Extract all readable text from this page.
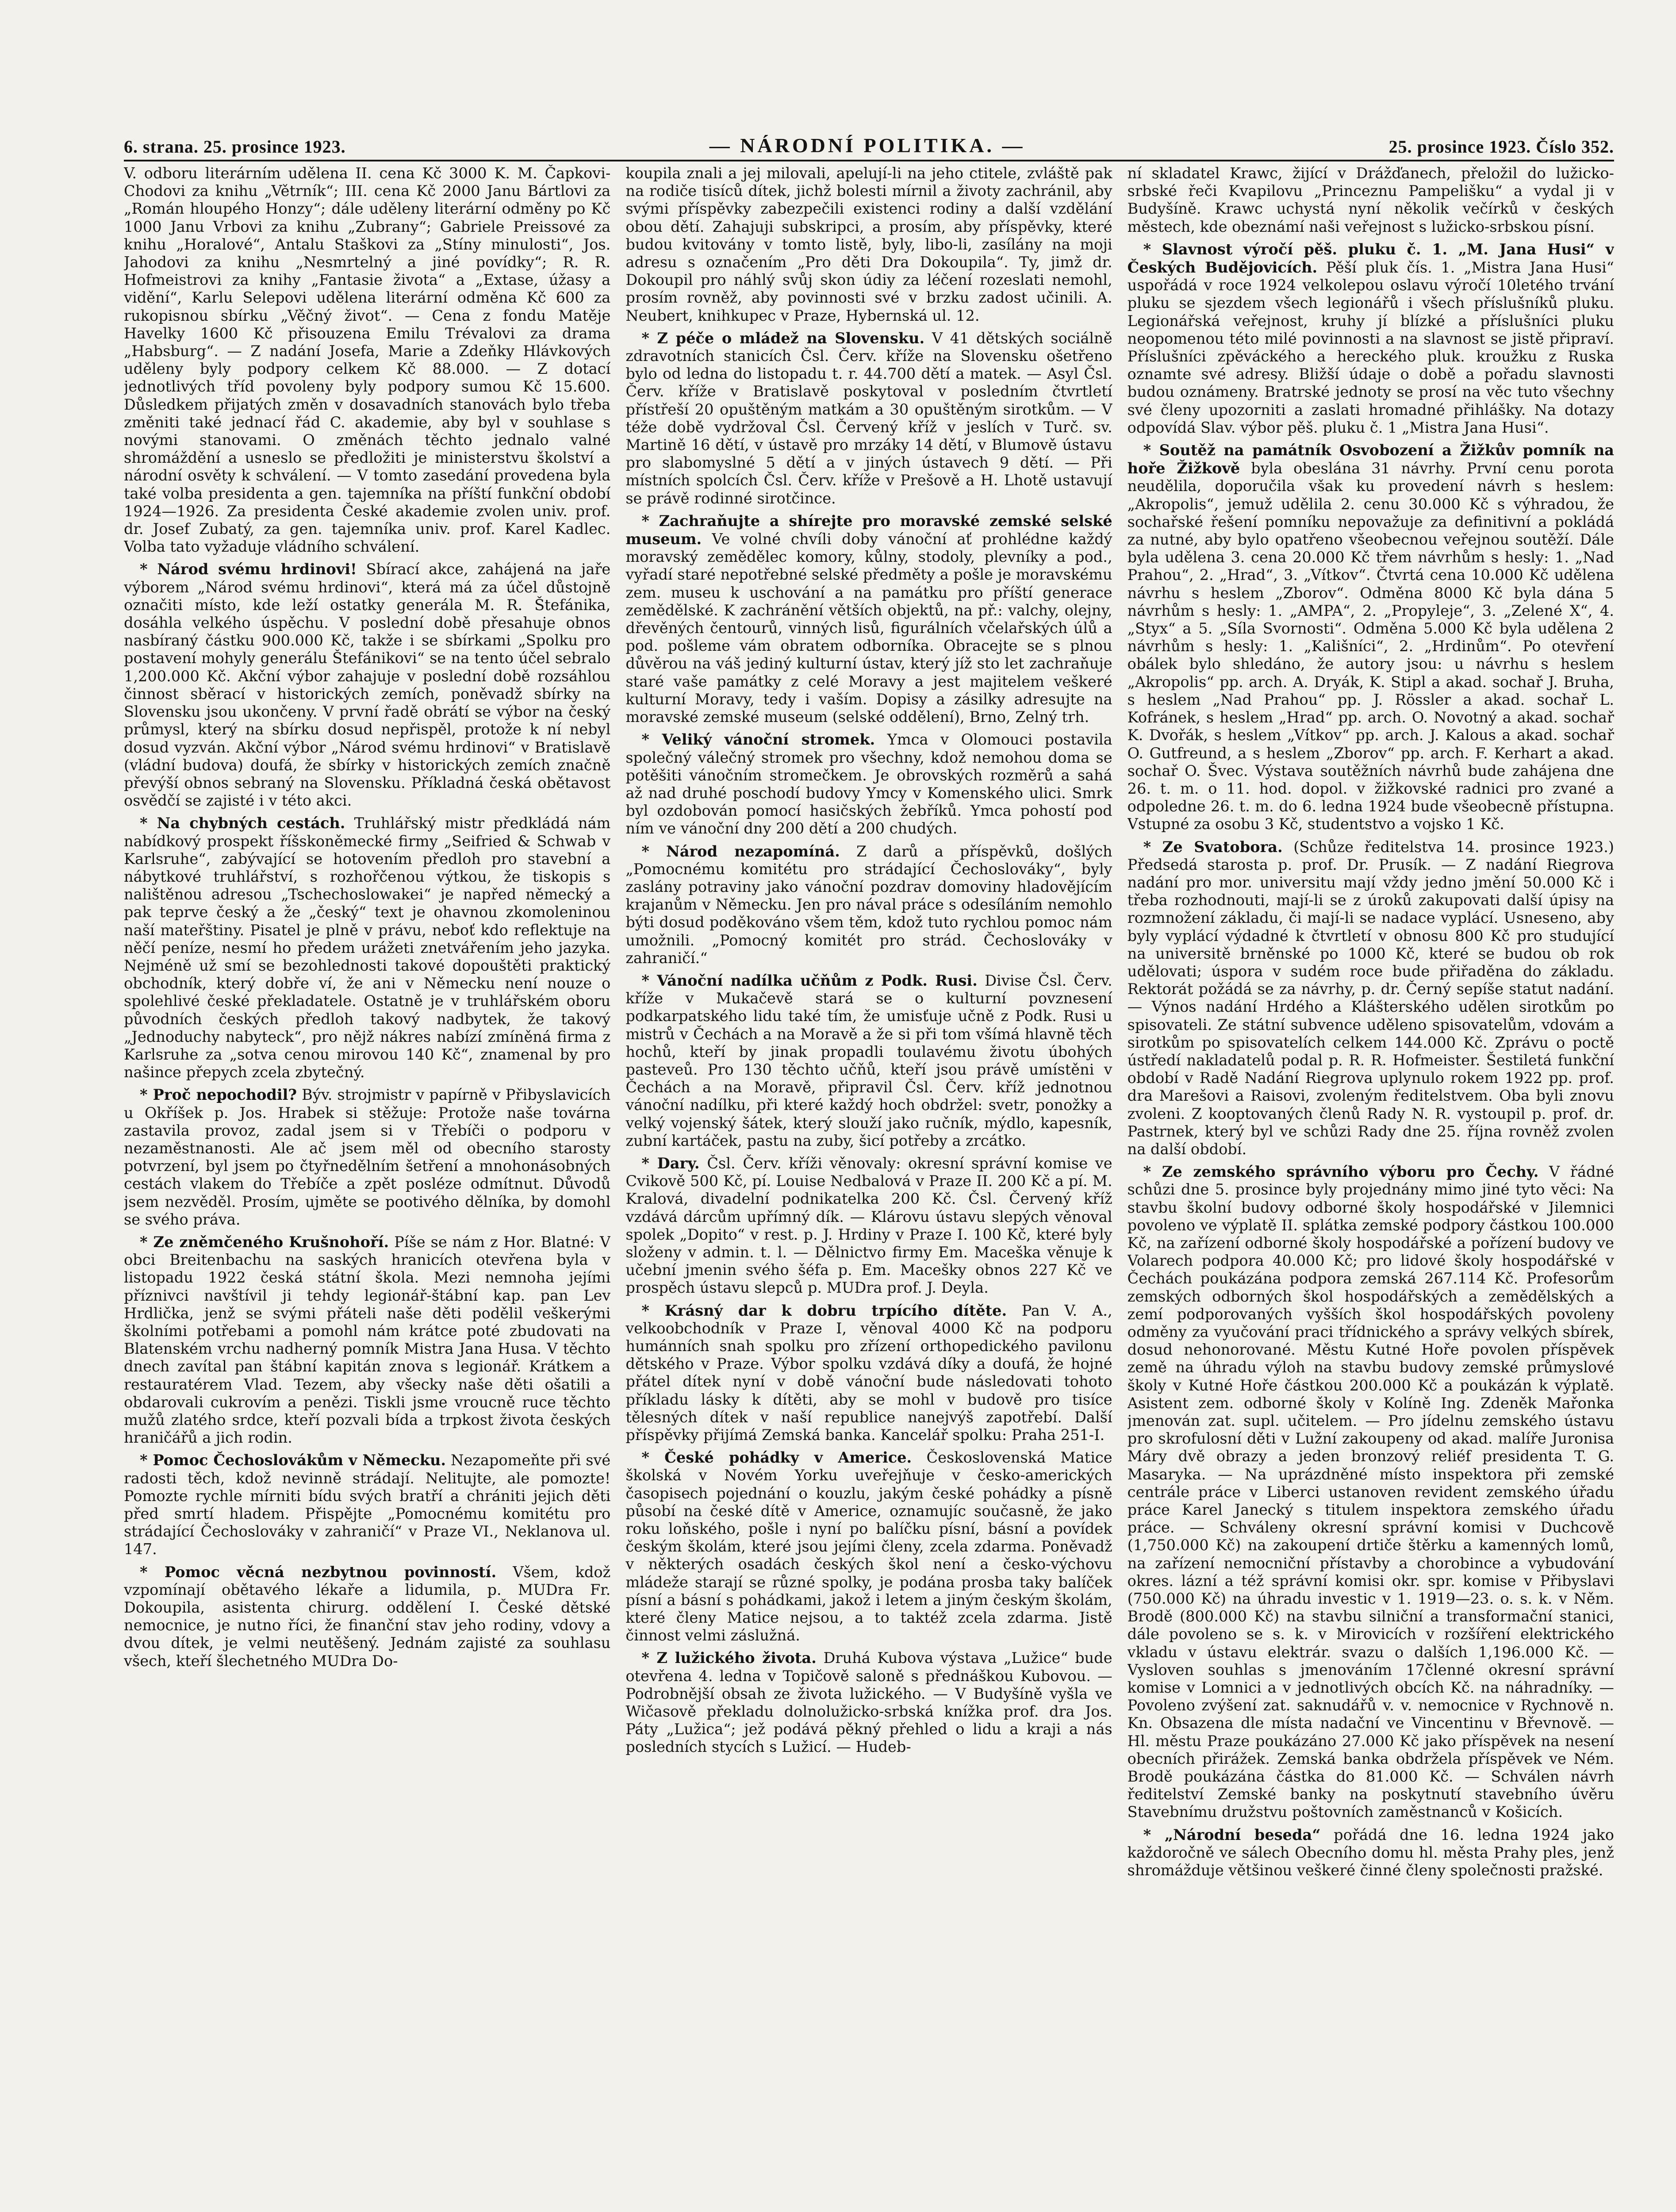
6. strana. 25. prosince 1923.	— NÁRODNÍ POLITIKA. —	25. prosince 1923. Číslo 352.

V. odboru literárním udělena II. cena Kč 3000 K. M. Čapkovi-Chodovi za knihu „Větrník“; III. cena Kč 2000 Janu Bártlovi za „Román hloupého Honzy“; dále uděleny literární odměny po Kč 1000 Janu Vrbovi za knihu „Zubrany“; Gabriele Preissové za knihu „Horalové“, Antalu Staškovi za „Stíny minulosti“, Jos. Jahodovi za knihu „Nesmrtelný a jiné povídky“; R. R. Hofmeistrovi za knihy „Fantasie života“ a „Extase, úžasy a vidění“, Karlu Selepovi udělena literární odměna Kč 600 za rukopisnou sbírku „Věčný život“. — Cena z fondu Matěje Havelky 1600 Kč přisouzena Emilu Trévalovi za drama „Habsburg“. — Z nadání Josefa, Marie a Zdeňky Hlávkových uděleny byly podpory celkem Kč 88.000. — Z dotací jednotlivých tříd povoleny byly podpory sumou Kč 15.600. Důsledkem přijatých změn v dosavadních stanovách bylo třeba změniti také jednací řád C. akademie, aby byl v souhlase s novými stanovami. O změnách těchto jednalo valné shromáždění a usneslo se předložiti je ministerstvu školství a národní osvěty k schválení. — V tomto zasedání provedena byla také volba presidenta a gen. tajemníka na příští funkční období 1924—1926. Za presidenta České akademie zvolen univ. prof. dr. Josef Zubatý, za gen. tajemníka univ. prof. Karel Kadlec. Volba tato vyžaduje vládního schválení.

* Národ svému hrdinovi! Sbírací akce, zahájená na jaře výborem „Národ svému hrdinovi“, která má za účel důstojně označiti místo, kde leží ostatky generála M. R. Štefánika, dosáhla velkého úspěchu. V poslední době přesahuje obnos nasbíraný částku 900.000 Kč, takže i se sbírkami „Spolku pro postavení mohyly generálu Štefánikovi“ se na tento účel sebralo 1,200.000 Kč. Akční výbor zahajuje v poslední době rozsáhlou činnost sběrací v historických zemích, poněvadž sbírky na Slovensku jsou ukončeny. V první řadě obrátí se výbor na český průmysl, který na sbírku dosud nepřispěl, protože k ní nebyl dosud vyzván. Akční výbor „Národ svému hrdinovi“ v Bratislavě (vládní budova) doufá, že sbírky v historických zemích značně převýší obnos sebraný na Slovensku. Příkladná česká obětavost osvědčí se zajisté i v této akci.

* Na chybných cestách. Truhlářský mistr předkládá nám nabídkový prospekt říšskoněmecké firmy „Seifried & Schwab v Karlsruhe“, zabývající se hotovením předloh pro stavební a nábytkové truhlářství, s rozhořčenou výtkou, že tiskopis s nalištěnou adresou „Tschechoslowakei“ je napřed německý a pak teprve český a že „český“ text je ohavnou zkomoleninou naší mateřštiny. Pisatel je plně v právu, neboť kdo reflektuje na něčí peníze, nesmí ho předem urážeti znetvářením jeho jazyka. Nejméně už smí se bezohlednosti takové dopouštěti praktický obchodník, který dobře ví, že ani v Německu není nouze o spolehlivé české překladatele. Ostatně je v truhlářském oboru původních českých předloh takový nadbytek, že takový „Jednoduchy nabyteck“, pro nějž nákres nabízí zmíněná firma z Karlsruhe za „sotva cenou mirovou 140 Kč“, znamenal by pro našince přepych zcela zbytečný.

* Proč nepochodil? Býv. strojmistr v papírně v Přibyslavicích u Okříšek p. Jos. Hrabek si stěžuje: Protože naše továrna zastavila provoz, zadal jsem si v Třebíči o podporu v nezaměstnanosti. Ale ač jsem měl od obecního starosty potvrzení, byl jsem po čtyřnedělním šetření a mnohonásobných cestách vlakem do Třebíče a zpět posléze odmítnut. Důvodů jsem nezvěděl. Prosím, ujměte se pootivého dělníka, by domohl se svého práva.

* Ze zněmčeného Krušnohoří. Píše se nám z Hor. Blatné: V obci Breitenbachu na saských hranicích otevřena byla v listopadu 1922 česká státní škola. Mezi nemnoha jejími příznivci navštívil ji tehdy legionář-štábní kap. pan Lev Hrdlička, jenž se svými přáteli naše děti podělil veškerými školními potřebami a pomohl nám krátce poté zbudovati na Blatenském vrchu nadherný pomník Mistra Jana Husa. V těchto dnech zavítal pan štábní kapitán znova s legionář. Krátkem a restauratérem Vlad. Tezem, aby všecky naše děti ošatili a obdarovali cukrovím a penězi. Tiskli jsme vroucně ruce těchto mužů zlatého srdce, kteří pozvali bída a trpkost života českých hraničářů a jich rodin.

* Pomoc Čechoslovákům v Německu. Nezapomeňte při své radosti těch, kdož nevinně strádají. Nelitujte, ale pomozte! Pomozte rychle mírniti bídu svých bratří a chrániti jejich děti před smrtí hladem. Přispějte „Pomocnému komitétu pro strádající Čechoslováky v zahraničí“ v Praze VI., Neklanova ul. 147.

* Pomoc věcná nezbytnou povinností. Všem, kdož vzpomínají obětavého lékaře a lidumila, p. MUDra Fr. Dokoupila, asistenta chirurg. oddělení I. České dětské nemocnice, je nutno říci, že finanční stav jeho rodiny, vdovy a dvou dítek, je velmi neutěšený. Jednám zajisté za souhlasu všech, kteří šlechetného MUDra Do-

koupila znali a jej milovali, apelují-li na jeho ctitele, zvláště pak na rodiče tisíců dítek, jichž bolesti mírnil a životy zachránil, aby svými příspěvky zabezpečili existenci rodiny a další vzdělání obou dětí. Zahajuji subskripci, a prosím, aby příspěvky, které budou kvitovány v tomto listě, byly, libo-li, zasílány na moji adresu s označením „Pro děti Dra Dokoupila“. Ty, jimž dr. Dokoupil pro náhlý svůj skon údiy za léčení rozeslati nemohl, prosím rovněž, aby povinnosti své v brzku zadost učinili. A. Neubert, knihkupec v Praze, Hybernská ul. 12.

* Z péče o mládež na Slovensku. V 41 dětských sociálně zdravotních stanicích Čsl. Červ. kříže na Slovensku ošetřeno bylo od ledna do listopadu t. r. 44.700 dětí a matek. — Asyl Čsl. Červ. kříže v Bratislavě poskytoval v posledním čtvrtletí přístřeší 20 opuštěným matkám a 30 opuštěným sirotkům. — V téže době vydržoval Čsl. Červený kříž v jeslích v Turč. sv. Martině 16 dětí, v ústavě pro mrzáky 14 dětí, v Blumově ústavu pro slabomyslné 5 dětí a v jiných ústavech 9 dětí. — Při místních spolcích Čsl. Červ. kříže v Prešově a H. Lhotě ustavují se právě rodinné sirotčince.

* Zachraňujte a shírejte pro moravské zemské selské museum. Ve volné chvíli doby vánoční ať prohlédne každý moravský zemědělec komory, kůlny, stodoly, plevníky a pod., vyřadí staré nepotřebné selské předměty a pošle je moravskému zem. museu k uschování a na památku pro příští generace zemědělské. K zachránění větších objektů, na př.: valchy, olejny, dřevěných čentourů, vinných lisů, figurálních včelařských úlů a pod. pošleme vám obratem odborníka. Obracejte se s plnou důvěrou na váš jediný kulturní ústav, který jíž sto let zachraňuje staré vaše památky z celé Moravy a jest majitelem veškeré kulturní Moravy, tedy i vaším. Dopisy a zásilky adresujte na moravské zemské museum (selské oddělení), Brno, Zelný trh.

* Veliký vánoční stromek. Ymca v Olomouci postavila společný válečný stromek pro všechny, kdož nemohou doma se potěšiti vánočním stromečkem. Je obrovských rozměrů a sahá až nad druhé poschodí budovy Ymcy v Komenského ulici. Smrk byl ozdobován pomocí hasičských žebříků. Ymca pohostí pod ním ve vánoční dny 200 dětí a 200 chudých.

* Národ nezapomíná. Z darů a příspěvků, došlých „Pomocnému komitétu pro strádající Čechoslováky“, byly zaslány potraviny jako vánoční pozdrav domoviny hladovějícím krajanům v Německu. Jen pro nával práce s odesíláním nemohlo býti dosud poděkováno všem těm, kdož tuto rychlou pomoc nám umožnili. „Pomocný komitét pro strád. Čechoslováky v zahraničí.“

* Vánoční nadílka učňům z Podk. Rusi. Divise Čsl. Červ. kříže v Mukačevě stará se o kulturní povznesení podkarpatského lidu také tím, že umisťuje učně z Podk. Rusi u mistrů v Čechách a na Moravě a že si při tom všímá hlavně těch hochů, kteří by jinak propadli toulavému životu úbohých pasteveů. Pro 130 těchto učňů, kteří jsou právě umístěni v Čechách a na Moravě, připravil Čsl. Červ. kříž jednotnou vánoční nadílku, při které každý hoch obdržel: svetr, ponožky a velký vojenský šátek, který slouží jako ručník, mýdlo, kapesník, zubní kartáček, pastu na zuby, šicí potřeby a zrcátko.

* Dary. Čsl. Červ. kříži věnovaly: okresní správní komise ve Cvikově 500 Kč, pí. Louise Nedbalová v Praze II. 200 Kč a pí. M. Kralová, divadelní podnikatelka 200 Kč. Čsl. Červený kříž vzdává dárcům upřímný dík. — Klárovu ústavu slepých věnoval spolek „Dopito“ v rest. p. J. Hrdiny v Praze I. 100 Kč, které byly složeny v admin. t. l. — Dělnictvo firmy Em. Maceška věnuje k učební jmenin svého šéfa p. Em. Macešky obnos 227 Kč ve prospěch ústavu slepců p. MUDra prof. J. Deyla.

* Krásný dar k dobru trpícího dítěte. Pan V. A., velkoobchodník v Praze I, věnoval 4000 Kč na podporu humánních snah spolku pro zřízení orthopedického pavilonu dětského v Praze. Výbor spolku vzdává díky a doufá, že hojné přátel dítek nyní v době vánoční bude následovati tohoto příkladu lásky k dítěti, aby se mohl v budově pro tisíce tělesných dítek v naší republice nanejvýš zapotřebí. Další příspěvky přijímá Zemská banka. Kancelář spolku: Praha 251-I.

* České pohádky v Americe. Československá Matice školská v Novém Yorku uveřejňuje v česko-amerických časopisech pojednání o kouzlu, jakým české pohádky a písně působí na české dítě v Americe, oznamujíc současně, že jako roku loňského, pošle i nyní po balíčku písní, básní a povídek českým školám, které jsou jejími členy, zcela zdarma. Poněvadž v některých osadách českých škol není a česko-výchovu mládeže starají se různé spolky, je podána prosba taky balíček písní a básní s pohádkami, jakož i letem a jiným českým školám, které členy Matice nejsou, a to taktéž zcela zdarma. Jistě činnost velmi záslužná.

* Z lužického života. Druhá Kubova výstava „Lužice“ bude otevřena 4. ledna v Topičově saloně s přednáškou Kubovou. — Podrobnější obsah ze života lužického. — V Budyšíně vyšla ve Wičasově překladu dolnolužicko-srbská knížka prof. dra Jos. Páty „Lužica“; jež podává pěkný přehled o lidu a kraji a nás posledních stycích s Lužicí. — Hudeb-

ní skladatel Krawc, žijící v Drážďanech, přeložil do lužicko-srbské řeči Kvapilovu „Princeznu Pampelišku“ a vydal ji v Budyšíně. Krawc uchystá nyní několik večírků v českých městech, kde obeznámí naši veřejnost s lužicko-srbskou písní.

* Slavnost výročí pěš. pluku č. 1. „M. Jana Husi“ v Českých Budějovicích. Pěší pluk čís. 1. „Mistra Jana Husi“ uspořádá v roce 1924 velkolepou oslavu výročí 10letého trvání pluku se sjezdem všech legionářů i všech příslušníků pluku. Legionářská veřejnost, kruhy jí blízké a příslušníci pluku neopomenou této milé povinnosti a na slavnost se jistě připraví. Příslušníci zpěváckého a hereckého pluk. kroužku z Ruska oznamte své adresy. Bližší údaje o době a pořadu slavnosti budou oznámeny. Bratrské jednoty se prosí na věc tuto všechny své členy upozorniti a zaslati hromadné přihlášky. Na dotazy odpovídá Slav. výbor pěš. pluku č. 1 „Mistra Jana Husi“.

* Soutěž na památník Osvobození a Žižkův pomník na hoře Žižkově byla obeslána 31 návrhy. První cenu porota neudělila, doporučila však ku provedení návrh s heslem: „Akropolis“, jemuž udělila 2. cenu 30.000 Kč s výhradou, že sochařské řešení pomníku nepovažuje za definitivní a pokládá za nutné, aby bylo opatřeno všeobecnou veřejnou soutěží. Dále byla udělena 3. cena 20.000 Kč třem návrhům s hesly: 1. „Nad Prahou“, 2. „Hrad“, 3. „Vítkov“. Čtvrtá cena 10.000 Kč udělena návrhu s heslem „Zborov“. Odměna 8000 Kč byla dána 5 návrhům s hesly: 1. „AMPA“, 2. „Propyleje“, 3. „Zelené X“, 4. „Styx“ a 5. „Síla Svornosti“. Odměna 5.000 Kč byla udělena 2 návrhům s hesly: 1. „Kališníci“, 2. „Hrdinům“. Po otevření obálek bylo shledáno, že autory jsou: u návrhu s heslem „Akropolis“ pp. arch. A. Dryák, K. Stipl a akad. sochař J. Bruha, s heslem „Nad Prahou“ pp. J. Rössler a akad. sochař L. Kofránek, s heslem „Hrad“ pp. arch. O. Novotný a akad. sochař K. Dvořák, s heslem „Vítkov“ pp. arch. J. Kalous a akad. sochař O. Gutfreund, a s heslem „Zborov“ pp. arch. F. Kerhart a akad. sochař O. Švec. Výstava soutěžních návrhů bude zahájena dne 26. t. m. o 11. hod. dopol. v žižkovské radnici pro zvané a odpoledne 26. t. m. do 6. ledna 1924 bude všeobecně přístupna. Vstupné za osobu 3 Kč, studentstvo a vojsko 1 Kč.

* Ze Svatobora. (Schůze ředitelstva 14. prosince 1923.) Předsedá starosta p. prof. Dr. Prusík. — Z nadání Riegrova nadání pro mor. universitu mají vždy jedno jmění 50.000 Kč i třeba rozhodnouti, mají-li se z úroků zakupovati další úpisy na rozmnožení základu, či mají-li se nadace vyplácí. Usneseno, aby byly vyplácí výdadné k čtvrtletí v obnosu 800 Kč pro studující na universitě brněnské po 1000 Kč, které se budou ob rok udělovati; úspora v sudém roce bude přiřaděna do základu. Rektorát požádá se za návrhy, p. dr. Černý sepíše statut nadání. — Výnos nadání Hrdého a Klášterského udělen sirotkům po spisovateli. Ze státní subvence uděleno spisovatelům, vdovám a sirotkům po spisovatelích celkem 144.000 Kč. Zprávu o poctě ústředí nakladatelů podal p. R. R. Hofmeister. Šestiletá funkční období v Radě Nadání Riegrova uplynulo rokem 1922 pp. prof. dra Marešovi a Raisovi, zvoleným ředitelstvem. Oba byli znovu zvoleni. Z kooptovaných členů Rady N. R. vystoupil p. prof. dr. Pastrnek, který byl ve schůzi Rady dne 25. října rovněž zvolen na další období.

* Ze zemského správního výboru pro Čechy. V řádné schůzi dne 5. prosince byly projednány mimo jiné tyto věci: Na stavbu školní budovy odborné školy hospodářské v Jilemnici povoleno ve výplatě II. splátka zemské podpory částkou 100.000 Kč, na zařízení odborné školy hospodářské a pořízení budovy ve Volarech podpora 40.000 Kč; pro lidové školy hospodářské v Čechách poukázána podpora zemská 267.114 Kč. Profesorům zemských odborných škol hospodářských a zemědělských a zemí podporovaných vyšších škol hospodářských povoleny odměny za vyučování praci třídnického a správy velkých sbírek, dosud nehonorované. Městu Kutné Hoře povolen příspěvek země na úhradu výloh na stavbu budovy zemské průmyslové školy v Kutné Hoře částkou 200.000 Kč a poukázán k výplatě. Asistent zem. odborné školy v Kolíně Ing. Zdeněk Mařonka jmenován zat. supl. učitelem. — Pro jídelnu zemského ústavu pro skrofulosní děti v Lužní zakoupeny od akad. malíře Juronisa Máry dvě obrazy a jeden bronzový reliéf presidenta T. G. Masaryka. — Na uprázdněné místo inspektora při zemské centrále práce v Liberci ustanoven revident zemského úřadu práce Karel Janecký s titulem inspektora zemského úřadu práce. — Schváleny okresní správní komisi v Duchcově (1,750.000 Kč) na zakoupení drtiče štěrku a kamenných lomů, na zařízení nemocniční přístavby a chorobince a vybudování okres. lázní a též správní komisi okr. spr. komise v Přibyslavi (750.000 Kč) na úhradu investic v 1. 1919—23. o. s. k. v Něm. Brodě (800.000 Kč) na stavbu silniční a transformační stanici, dále povoleno se s. k. v Mirovicích v rozšíření elektrického vkladu v ústavu elektrár. svazu o dalších 1,196.000 Kč. — Vysloven souhlas s jmenováním 17členné okresní správní komise v Lomnici a v jednotlivých obcích Kč. na náhradníky. — Povoleno zvýšení zat. saknudářů v. v. nemocnice v Rychnově n. Kn. Obsazena dle místa nadační ve Vincentinu v Břevnově. — Hl. městu Praze poukázáno 27.000 Kč jako příspěvek na nesení obecních přirážek. Zemská banka obdržela příspěvek ve Ném. Brodě poukázána částka do 81.000 Kč. — Schválen návrh ředitelství Zemské banky na poskytnutí stavebního úvěru Stavebnímu družstvu poštovních zaměstnanců v Košicích.

* „Národní beseda“ pořádá dne 16. ledna 1924 jako každoročně ve sálech Obecního domu hl. města Prahy ples, jenž shromážduje většinou veškeré činné členy společnosti pražské.
